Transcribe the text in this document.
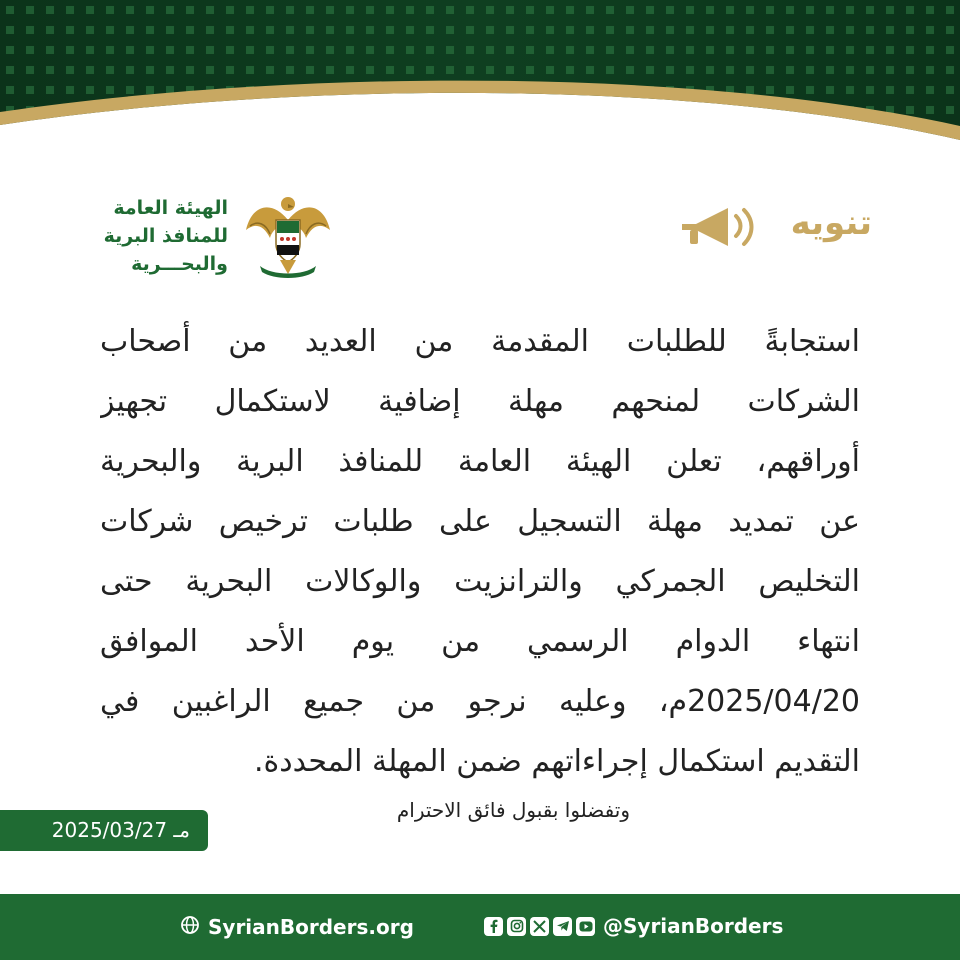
الهيئة العامة
للمنافذ البرية
والبحـــرية
تنويه
استجابةً للطلبات المقدمة من العديد من أصحاب
الشركات لمنحهم مهلة إضافية لاستكمال تجهيز
أوراقهم، تعلن الهيئة العامة للمنافذ البرية والبحرية
عن تمديد مهلة التسجيل على طلبات ترخيص شركات
التخليص الجمركي والترانزيت والوكالات البحرية حتى
انتهاء الدوام الرسمي من يوم الأحد الموافق
2025/04/20م، وعليه نرجو من جميع الراغبين في
التقديم استكمال إجراءاتهم ضمن المهلة المحددة.
وتفضلوا بقبول فائق الاحترام
2025/03/27 مـ
SyrianBorders.org	@SyrianBorders
